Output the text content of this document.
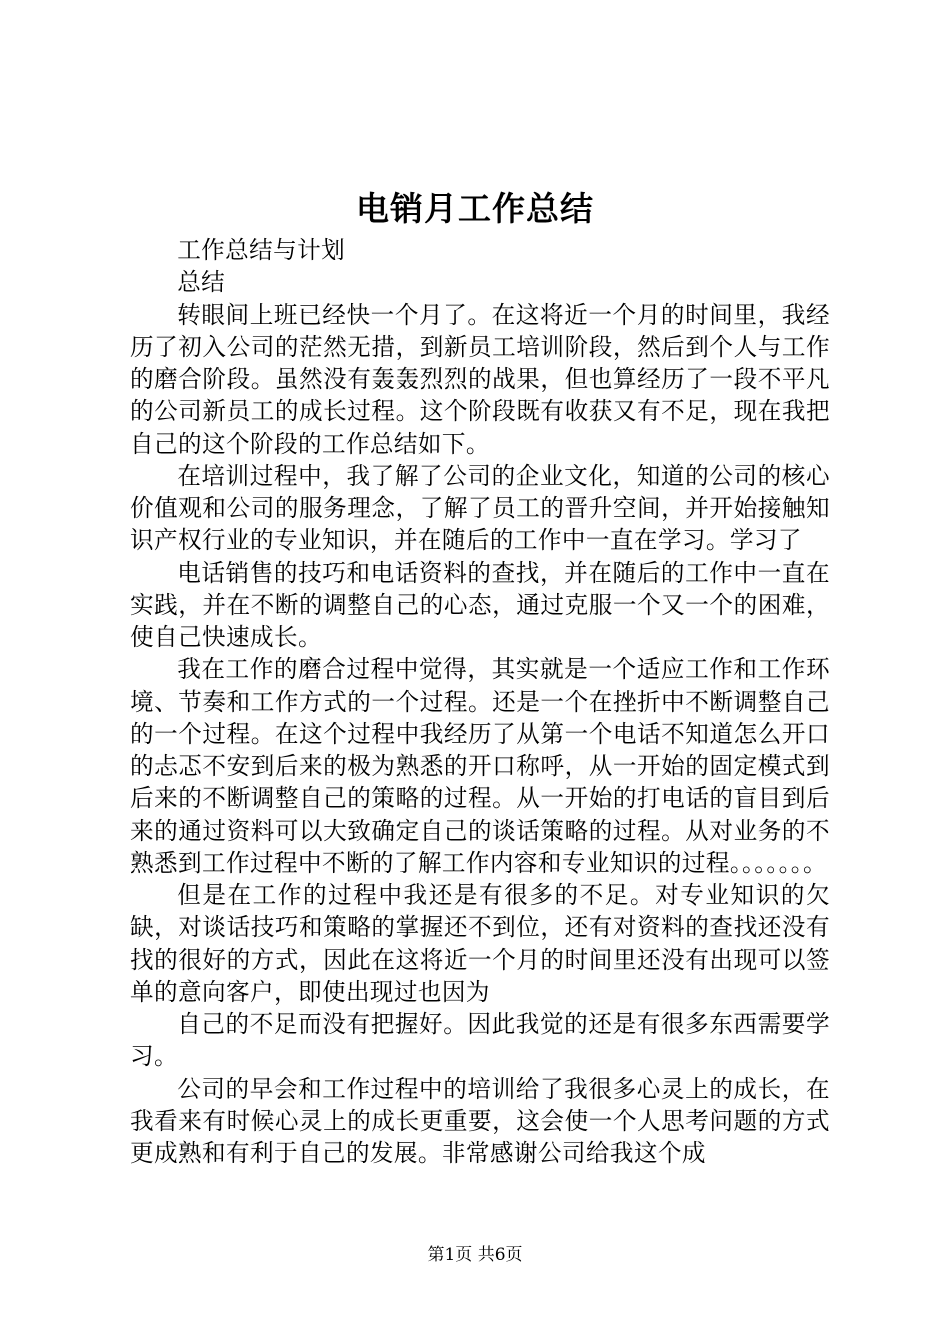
电销月工作总结

工作总结与计划

总结

转眼间上班已经快一个月了。在这将近一个月的时间里，我经历了初入公司的茫然无措，到新员工培训阶段，然后到个人与工作的磨合阶段。虽然没有轰轰烈烈的战果，但也算经历了一段不平凡的公司新员工的成长过程。这个阶段既有收获又有不足，现在我把自己的这个阶段的工作总结如下。

在培训过程中，我了解了公司的企业文化，知道的公司的核心价值观和公司的服务理念，了解了员工的晋升空间，并开始接触知识产权行业的专业知识，并在随后的工作中一直在学习。学习了

电话销售的技巧和电话资料的查找，并在随后的工作中一直在实践，并在不断的调整自己的心态，通过克服一个又一个的困难，使自己快速成长。

我在工作的磨合过程中觉得，其实就是一个适应工作和工作环境、节奏和工作方式的一个过程。还是一个在挫折中不断调整自己的一个过程。在这个过程中我经历了从第一个电话不知道怎么开口的忐忑不安到后来的极为熟悉的开口称呼，从一开始的固定模式到后来的不断调整自己的策略的过程。从一开始的打电话的盲目到后来的通过资料可以大致确定自己的谈话策略的过程。从对业务的不熟悉到工作过程中不断的了解工作内容和专业知识的过程。。。。。。。

但是在工作的过程中我还是有很多的不足。对专业知识的欠缺，对谈话技巧和策略的掌握还不到位，还有对资料的查找还没有找的很好的方式，因此在这将近一个月的时间里还没有出现可以签单的意向客户，即使出现过也因为

自己的不足而没有把握好。因此我觉的还是有很多东西需要学习。

公司的早会和工作过程中的培训给了我很多心灵上的成长，在我看来有时候心灵上的成长更重要，这会使一个人思考问题的方式更成熟和有利于自己的发展。非常感谢公司给我这个成

第1页 共6页
